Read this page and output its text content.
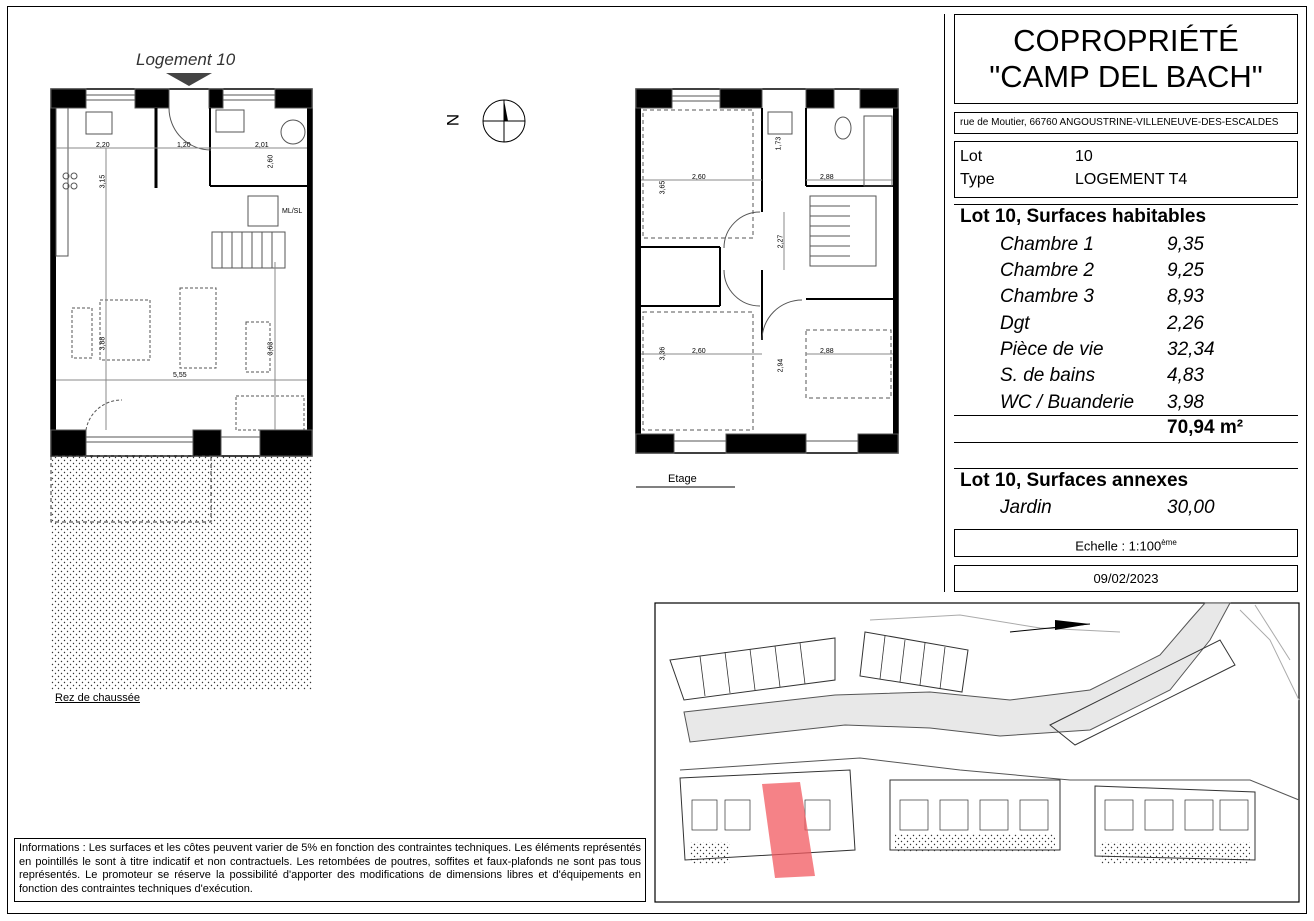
Logement 10
N
ML/SL
Rez de chaussée
Etage
2,20	1,20	2,01
3,15
2,60
3,88	3,63
5,55
2,60
1,73
2,88
3,65
2,27
3,36	2,60	2,88
2,94
COPROPRIÉTÉ
"CAMP DEL BACH"
rue de Moutier, 66760 ANGOUSTRINE-VILLENEUVE-DES-ESCALDES
Lot	10
Type	LOGEMENT T4
Lot 10, Surfaces habitables
Chambre 1	9,35
Chambre 2	9,25
Chambre 3	8,93
Dgt	2,26
Pièce de vie	32,34
S. de bains	4,83
WC / Buanderie 3,98
70,94 m²
Lot 10, Surfaces annexes
Jardin	30,00
Echelle : 1:100ème
09/02/2023
Informations : Les surfaces et les côtes peuvent varier de 5% en fonction des contraintes techniques. Les éléments représentés en pointillés le sont à titre indicatif et non contractuels. Les retombées de poutres, soffites et faux-plafonds ne sont pas tous représentés. Le promoteur se réserve la possibilité d'apporter des modifications de dimensions libres et d'équipements en fonction des contraintes techniques d'exécution.
